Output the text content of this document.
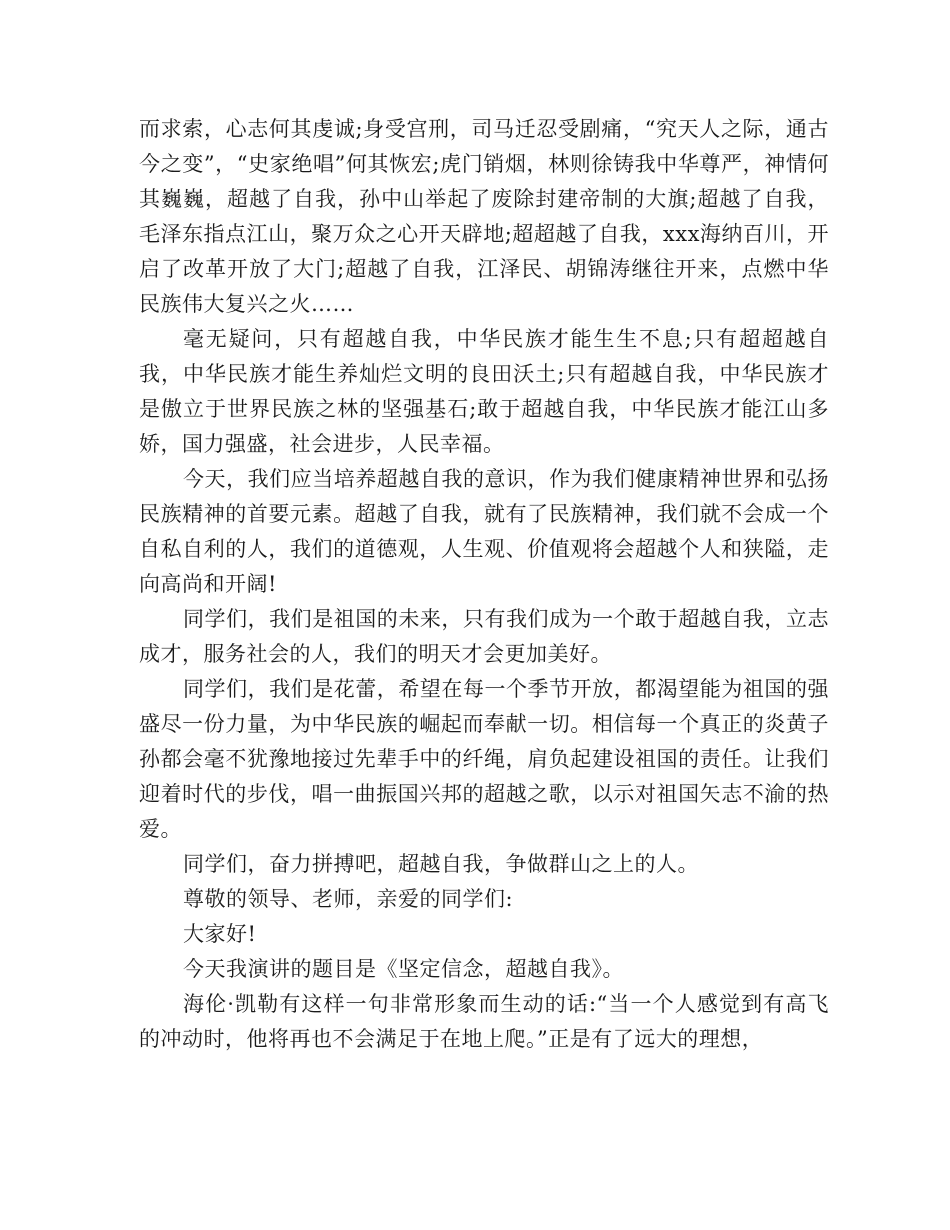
而求索，心志何其虔诚;身受宫刑，司马迁忍受剧痛，“究天人之际，通古今之变”，“史家绝唱”何其恢宏;虎门销烟，林则徐铸我中华尊严，神情何其巍巍，超越了自我，孙中山举起了废除封建帝制的大旗;超越了自我，毛泽东指点江山，聚万众之心开天辟地;超超越了自我，xxx海纳百川，开启了改革开放了大门;超越了自我，江泽民、胡锦涛继往开来，点燃中华民族伟大复兴之火……

毫无疑问，只有超越自我，中华民族才能生生不息;只有超超越自我，中华民族才能生养灿烂文明的良田沃土;只有超越自我，中华民族才是傲立于世界民族之林的坚强基石;敢于超越自我，中华民族才能江山多娇，国力强盛，社会进步，人民幸福。

今天，我们应当培养超越自我的意识，作为我们健康精神世界和弘扬民族精神的首要元素。超越了自我，就有了民族精神，我们就不会成一个自私自利的人，我们的道德观，人生观、价值观将会超越个人和狭隘，走向高尚和开阔!

同学们，我们是祖国的未来，只有我们成为一个敢于超越自我，立志成才，服务社会的人，我们的明天才会更加美好。

同学们，我们是花蕾，希望在每一个季节开放，都渴望能为祖国的强盛尽一份力量，为中华民族的崛起而奉献一切。相信每一个真正的炎黄子孙都会毫不犹豫地接过先辈手中的纤绳，肩负起建设祖国的责任。让我们迎着时代的步伐，唱一曲振国兴邦的超越之歌，以示对祖国矢志不渝的热爱。

同学们，奋力拼搏吧，超越自我，争做群山之上的人。

尊敬的领导、老师，亲爱的同学们:

大家好!

今天我演讲的题目是《坚定信念，超越自我》。

海伦·凯勒有这样一句非常形象而生动的话:“当一个人感觉到有高飞的冲动时，他将再也不会满足于在地上爬。”正是有了远大的理想，
